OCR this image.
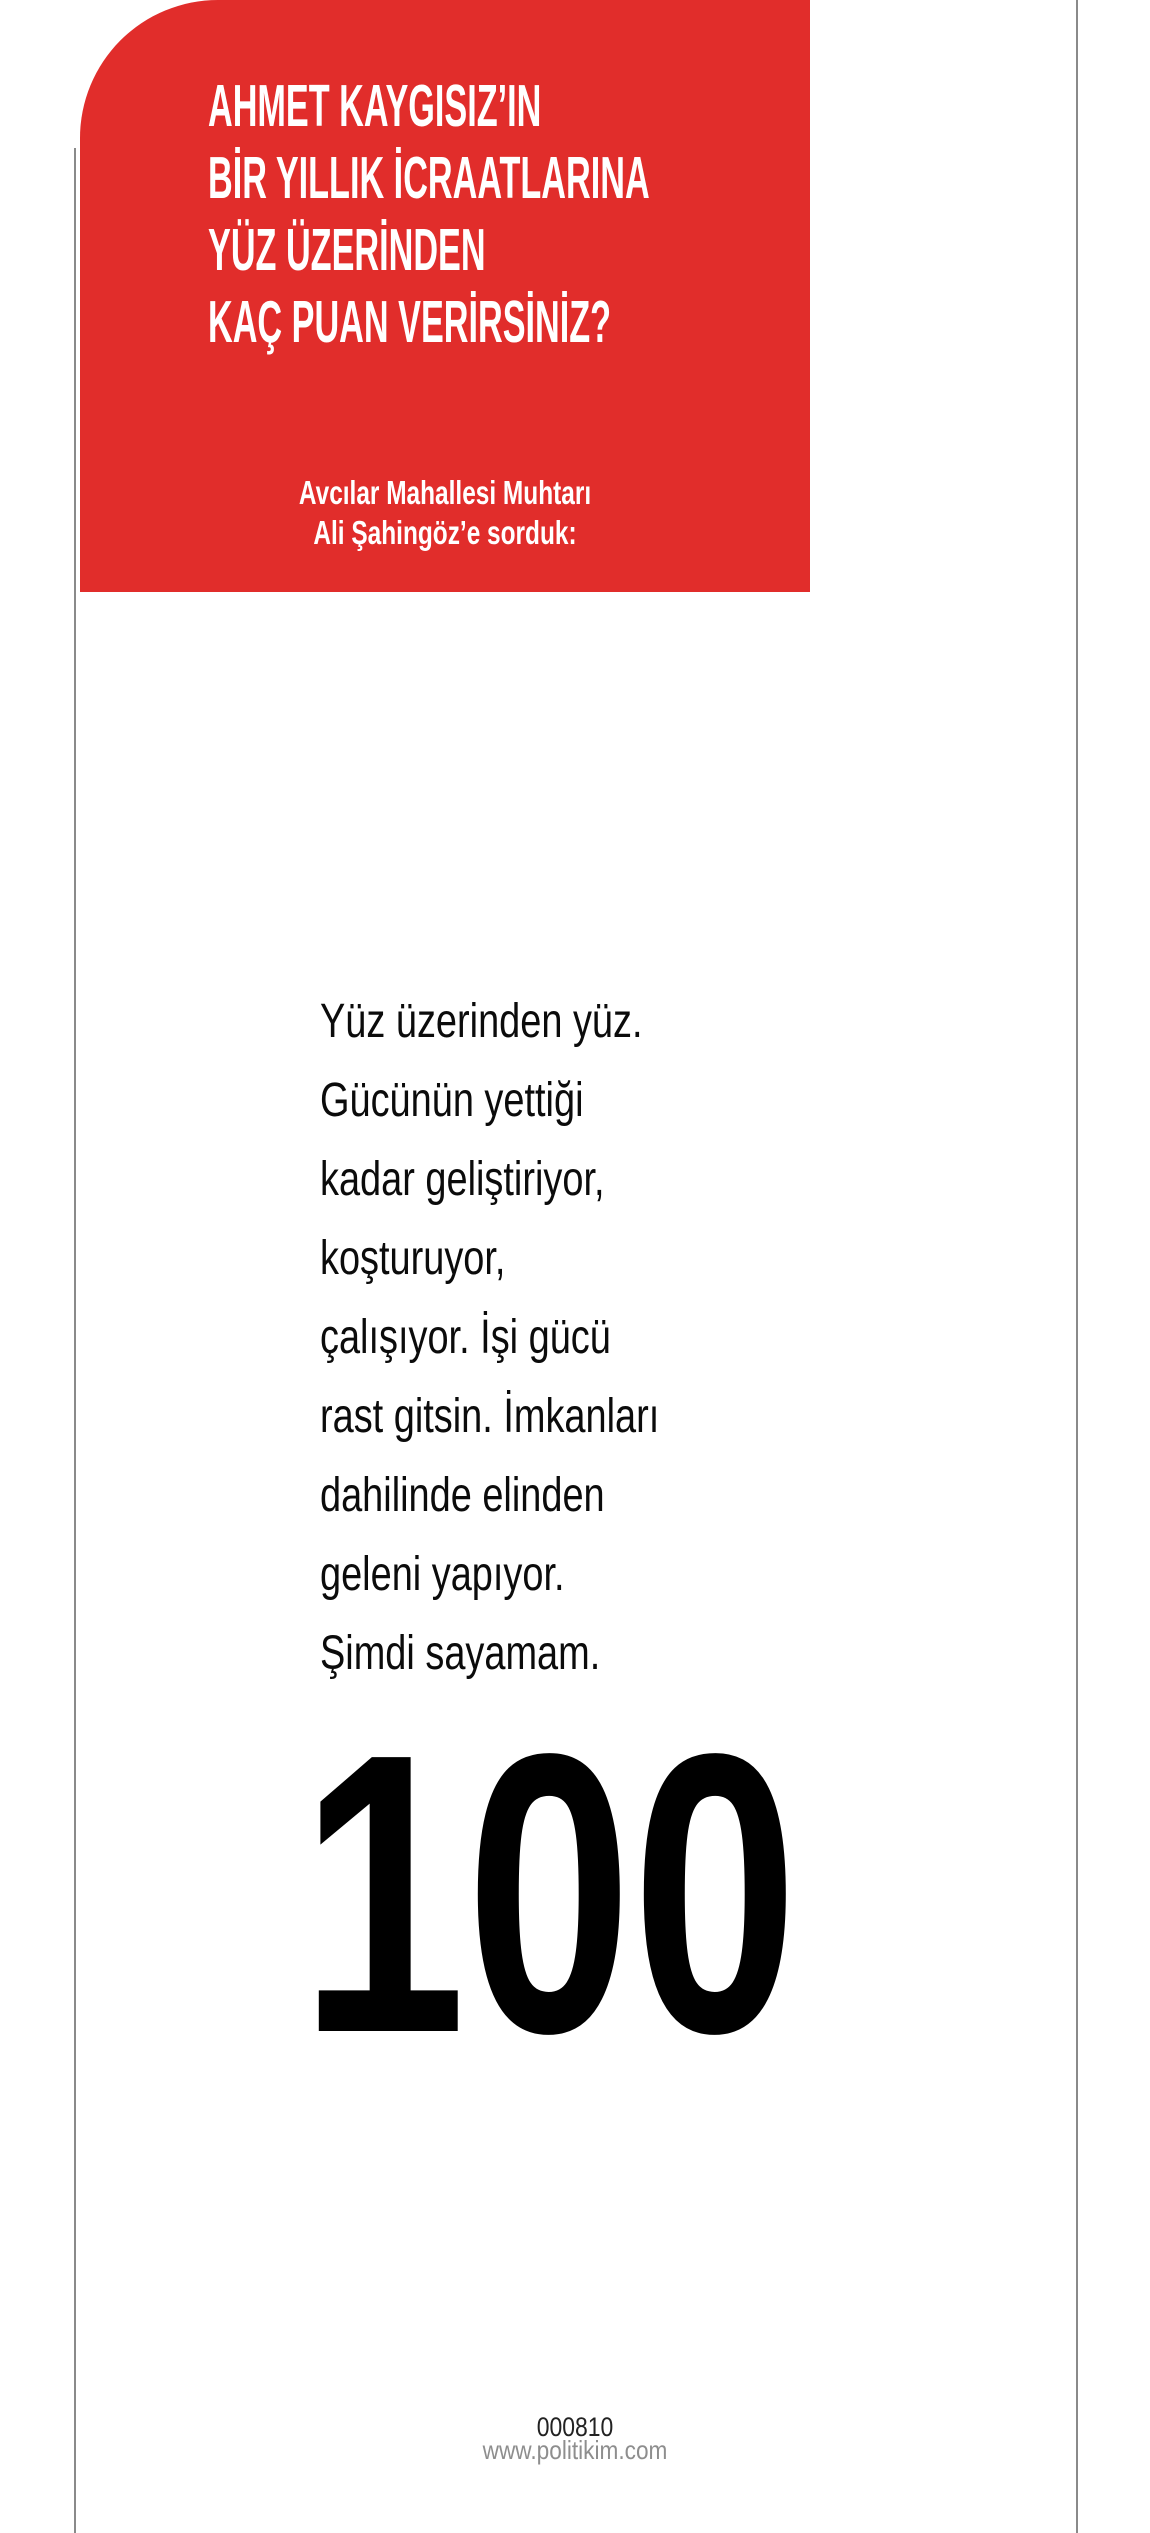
AHMET KAYGISIZ’IN
BİR YILLIK İCRAATLARINA
YÜZ ÜZERİNDEN
KAÇ PUAN VERİRSİNİZ?
Avcılar Mahallesi Muhtarı
Ali Şahingöz’e sorduk:
Yüz üzerinden yüz.
Gücünün yettiği
kadar geliştiriyor,
koşturuyor,
çalışıyor. İşi gücü
rast gitsin. İmkanları
dahilinde elinden
geleni yapıyor.
Şimdi sayamam.
100
000810
www.politikim.com
